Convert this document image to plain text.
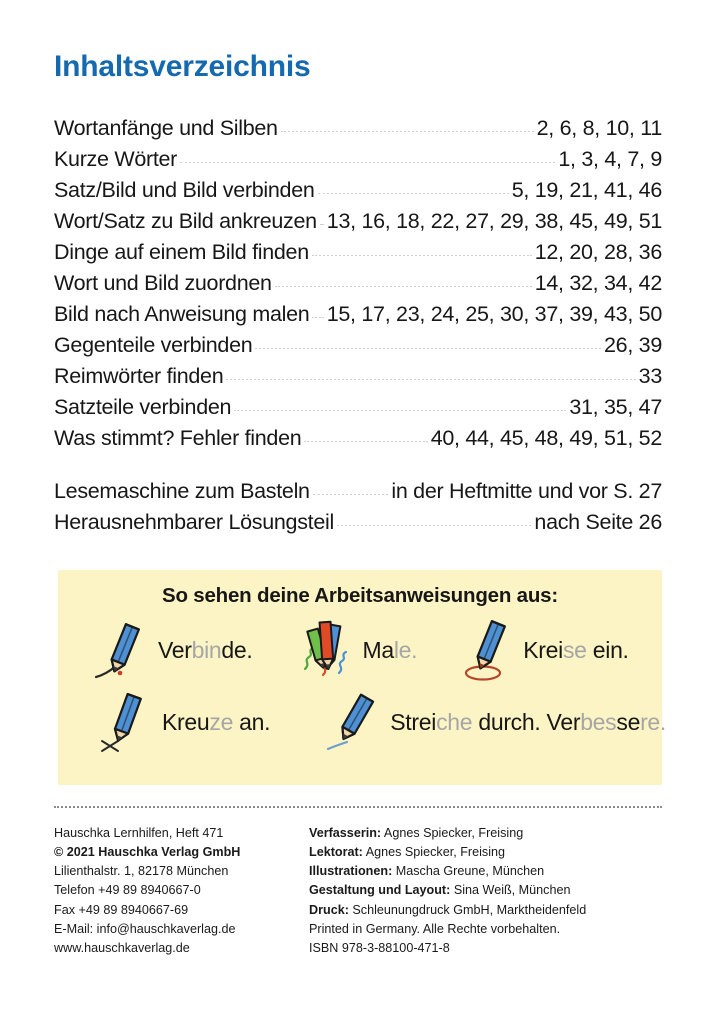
Inhaltsverzeichnis
Wortanfänge und Silben	2, 6, 8, 10, 11
Kurze Wörter	1, 3, 4, 7, 9
Satz/Bild und Bild verbinden	5, 19, 21, 41, 46
Wort/Satz zu Bild ankreuzen 13, 16, 18, 22, 27, 29, 38, 45, 49, 51
Dinge auf einem Bild finden	12, 20, 28, 36
Wort und Bild zuordnen	14, 32, 34, 42
Bild nach Anweisung malen 15, 17, 23, 24, 25, 30, 37, 39, 43, 50
Gegenteile verbinden	26, 39
Reimwörter finden	33
Satzteile verbinden	31, 35, 47
Was stimmt? Fehler finden	40, 44, 45, 48, 49, 51, 52
Lesemaschine zum Basteln	in der Heftmitte und vor S. 27
Herausnehmbarer Lösungsteil	nach Seite 26
So sehen deine Arbeitsanweisungen aus:
Verbinde.	Male.	Kreise ein.
Kreuze an.	Streiche durch. Verbessere.
Hauschka Lernhilfen, Heft 471
© 2021 Hauschka Verlag GmbH
Lilienthalstr. 1, 82178 München
Telefon +49 89 8940667-0
Fax +49 89 8940667-69
E-Mail: info@hauschkaverlag.de
www.hauschkaverlag.de
Verfasserin: Agnes Spiecker, Freising
Lektorat: Agnes Spiecker, Freising
Illustrationen: Mascha Greune, München
Gestaltung und Layout: Sina Weiß, München
Druck: Schleunungdruck GmbH, Marktheidenfeld
Printed in Germany. Alle Rechte vorbehalten.
ISBN 978-3-88100-471-8
